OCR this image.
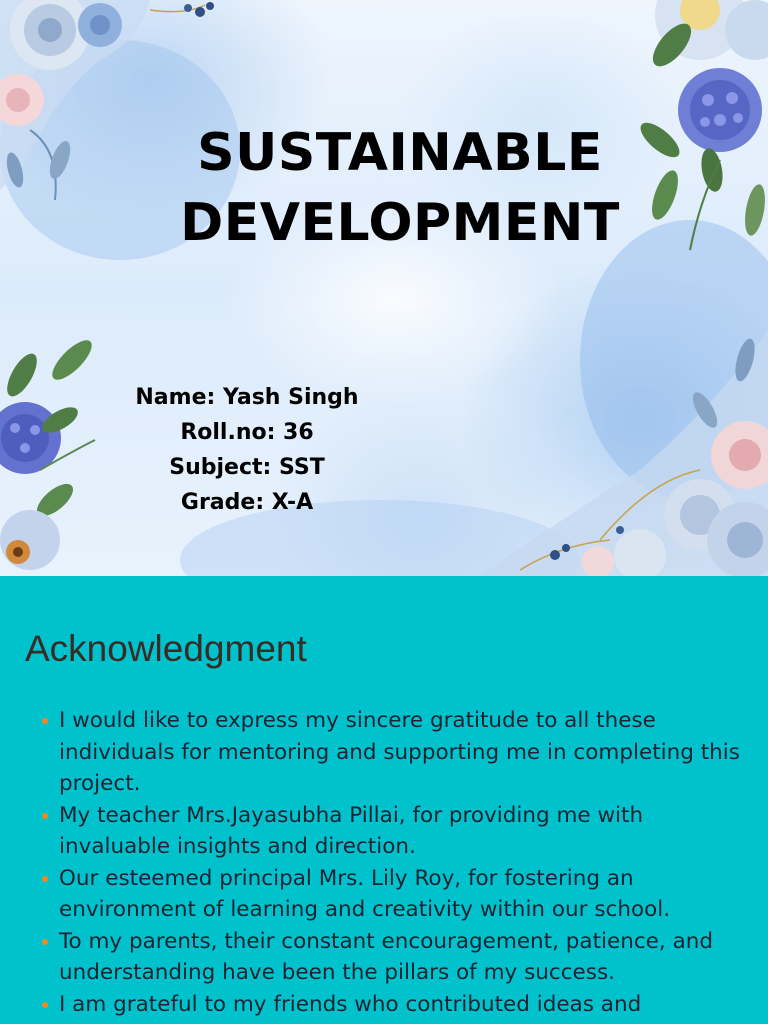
SUSTAINABLE
DEVELOPMENT
Name: Yash Singh
Roll.no: 36
Subject: SST
Grade: X-A
Acknowledgment
I would like to express my sincere gratitude to all these individuals for mentoring and supporting me in completing this project.
My teacher Mrs.Jayasubha Pillai, for providing me with invaluable insights and direction.
Our esteemed principal Mrs. Lily Roy, for fostering an environment of learning and creativity within our school.
To my parents, their constant encouragement, patience, and understanding have been the pillars of my success.
I am grateful to my friends who contributed ideas and
